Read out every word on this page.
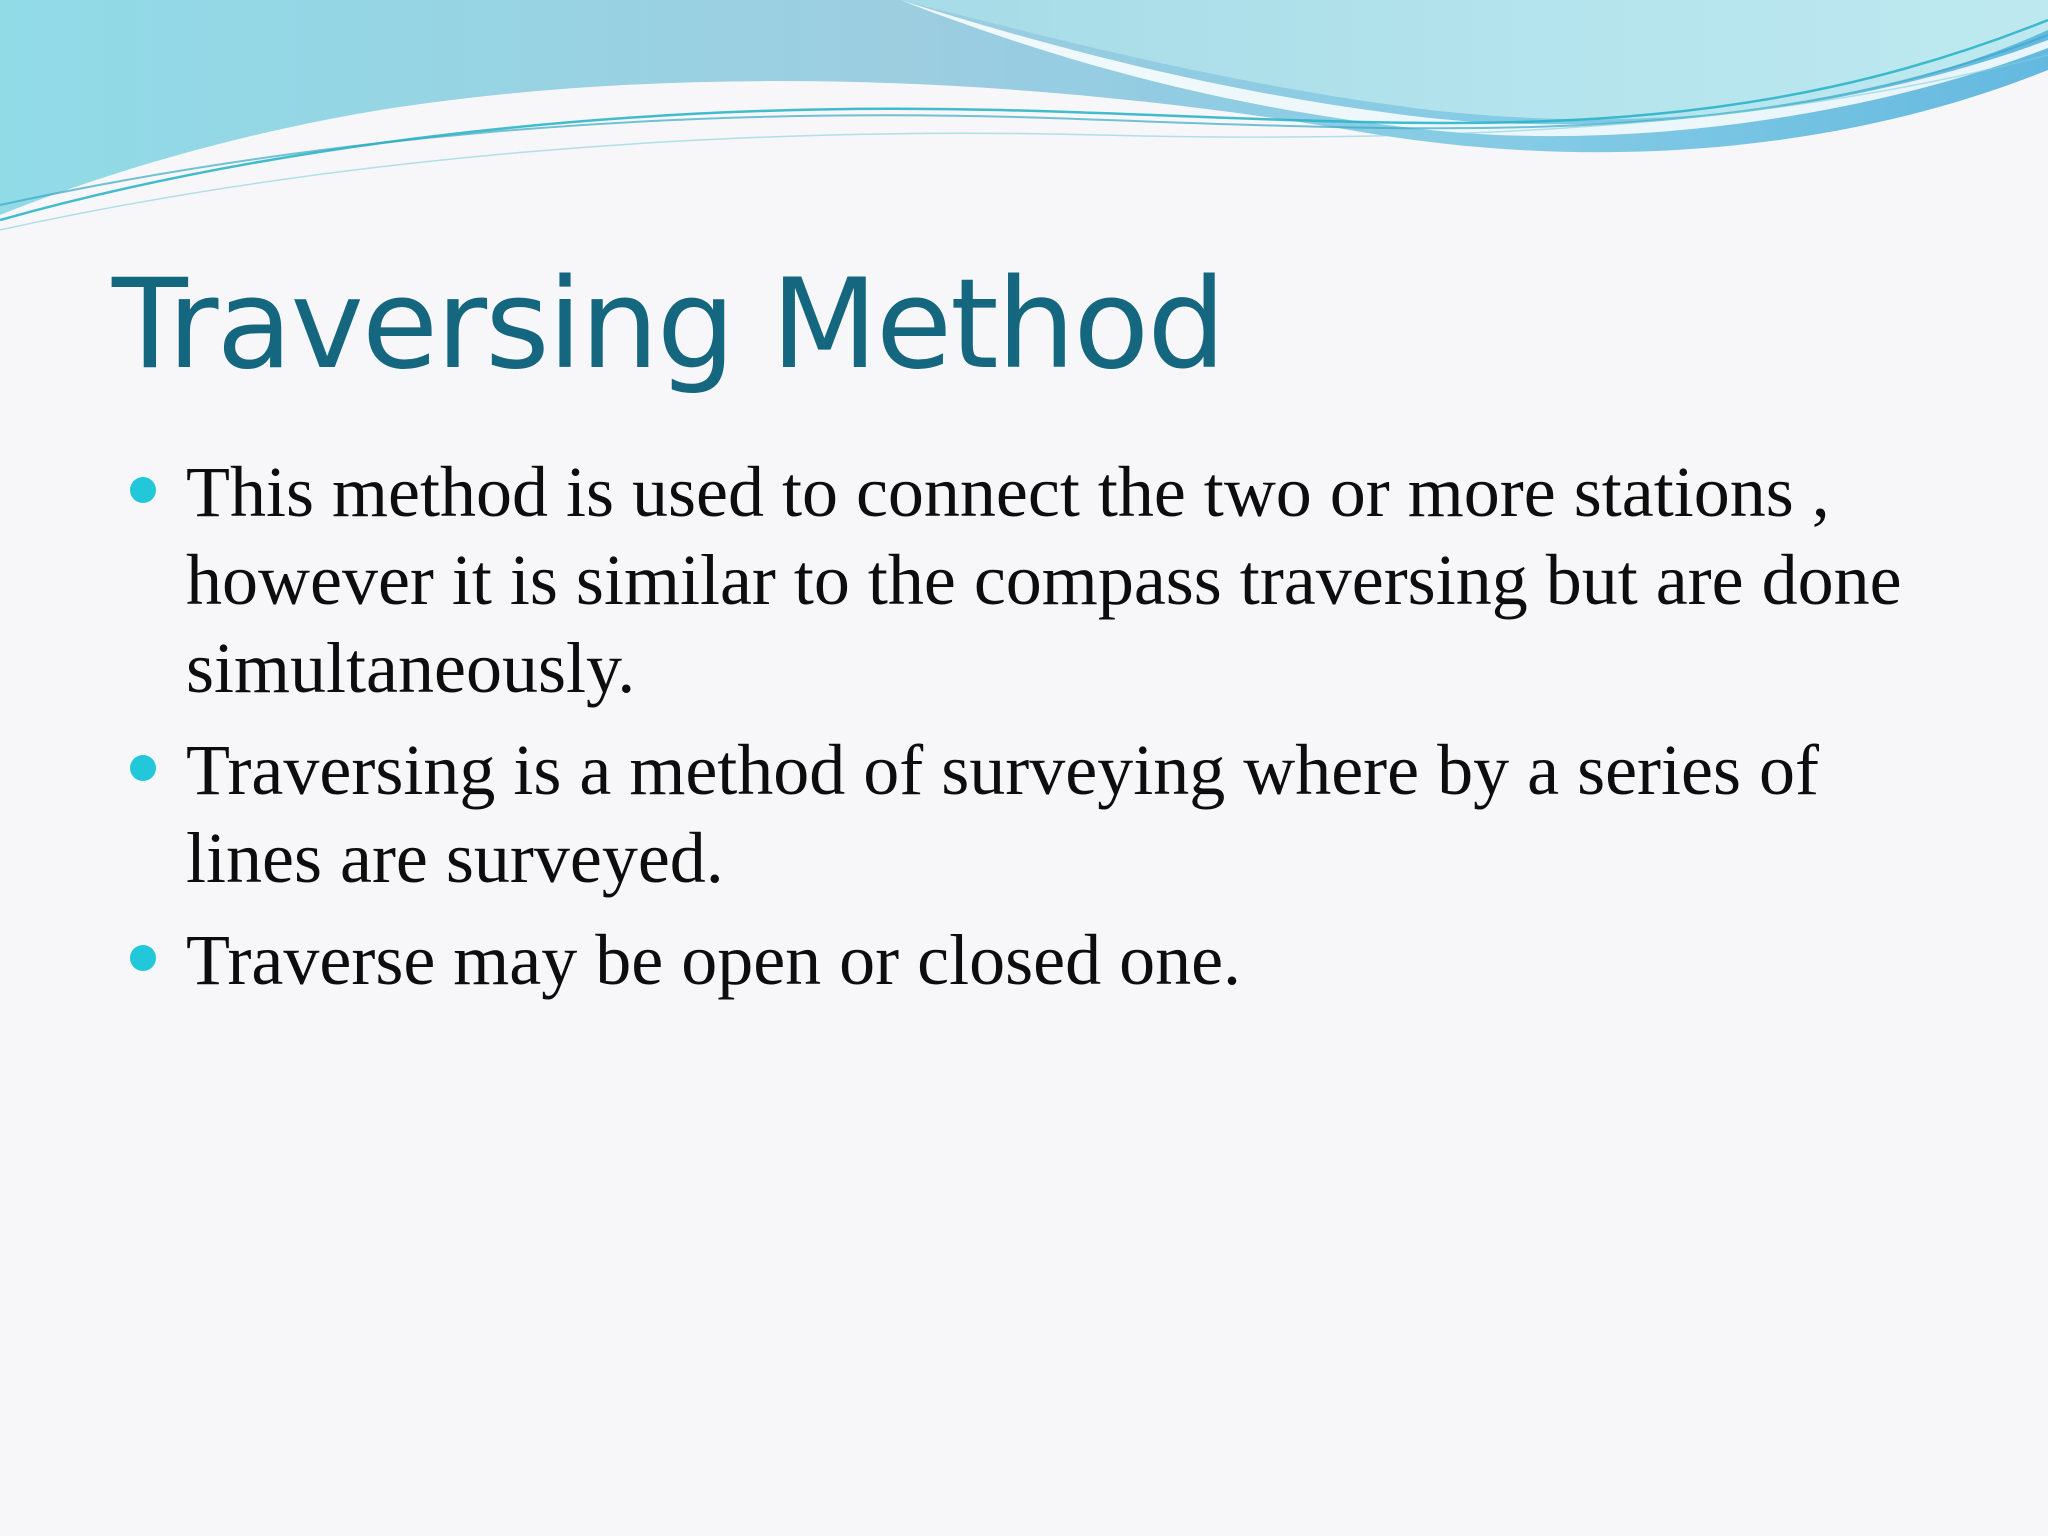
Traversing Method
This method is used to connect the two or more stations , however it is similar to the compass traversing but are done simultaneously.
Traversing is a method of surveying where by a series of lines are surveyed.
Traverse may be open or closed one.
